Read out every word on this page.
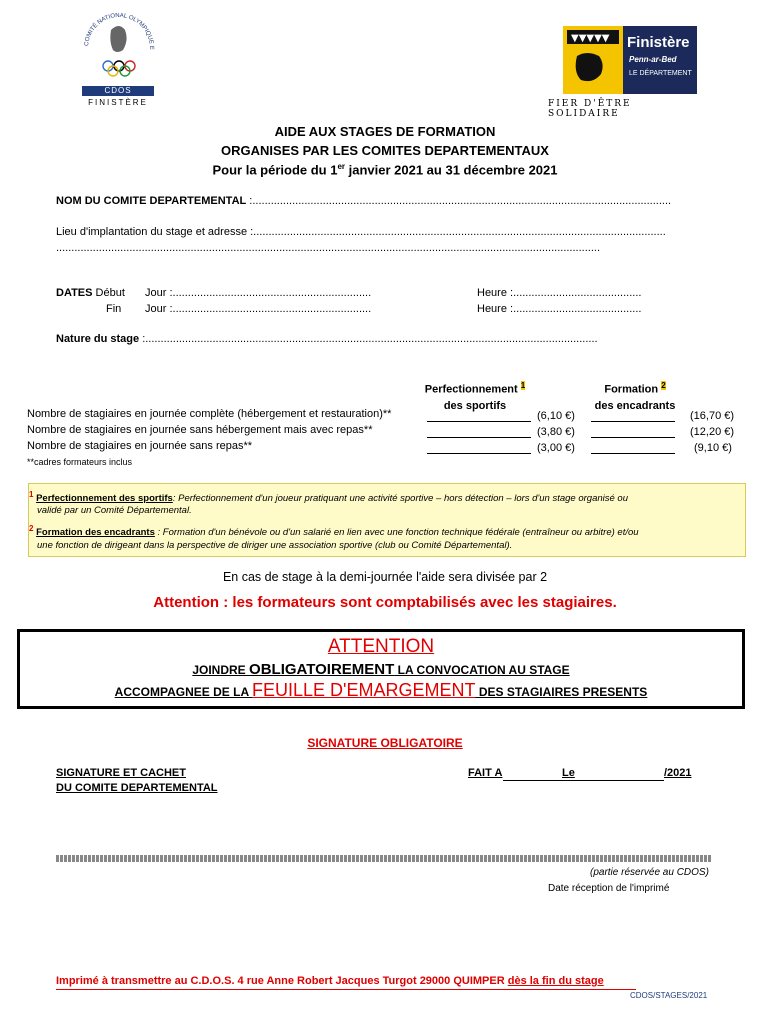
COMITÉ NATIONAL OLYMPIQUE E
CDOS
FINISTÈRE
▼▼▼▼▼ Finistère
Penn-ar-Bed
LE DÉPARTEMENT
FIER D'ÊTRE SOLIDAIRE
AIDE AUX STAGES DE FORMATION
ORGANISES PAR LES COMITES DEPARTEMENTAUX
Pour la période du 1er janvier 2021 au 31 décembre 2021
NOM DU COMITE DEPARTEMENTAL :.........................................................................................................................................
Lieu d'implantation du stage et adresse :.......................................................................................................................................
..................................................................................................................................................................................
DATES Début
Fin
Jour :.................................................................
Jour :.................................................................
Heure :..........................................
Heure :..........................................
Nature du stage :....................................................................................................................................................
Perfectionnement $^1$
des sportifs
Formation $^2$
des encadrants
Nombre de stagiaires en journée complète (hébergement et restauration)**
Nombre de stagiaires en journée sans hébergement mais avec repas**
Nombre de stagiaires en journée sans repas**
**cadres formateurs inclus
(6,10 €)
(3,80 €)
(3,00 €)
(16,70 €)
(12,20 €)
(9,10 €)
$^1$ Perfectionnement des sportifs: Perfectionnement d'un joueur pratiquant une activité sportive – hors détection – lors d'un stage organisé ou
validé par un Comité Départemental.
$^2$ Formation des encadrants : Formation d'un bénévole ou d'un salarié en lien avec une fonction technique fédérale (entraîneur ou arbitre) et/ou
une fonction de dirigeant dans la perspective de diriger une association sportive (club ou Comité Départemental).
En cas de stage à la demi-journée l'aide sera divisée par 2
Attention : les formateurs sont comptabilisés avec les stagiaires.
ATTENTION
JOINDRE OBLIGATOIREMENT LA CONVOCATION AU STAGE
ACCOMPAGNEE DE LA FEUILLE D'EMARGEMENT DES STAGIAIRES PRESENTS
SIGNATURE OBLIGATOIRE
SIGNATURE ET CACHET
DU COMITE DEPARTEMENTAL
FAIT A	Le	/2021
(partie réservée au CDOS)
Date réception de l'imprimé
Imprimé à transmettre au C.D.O.S. 4 rue Anne Robert Jacques Turgot 29000 QUIMPER dès la fin du stage
CDOS/STAGES/2021
